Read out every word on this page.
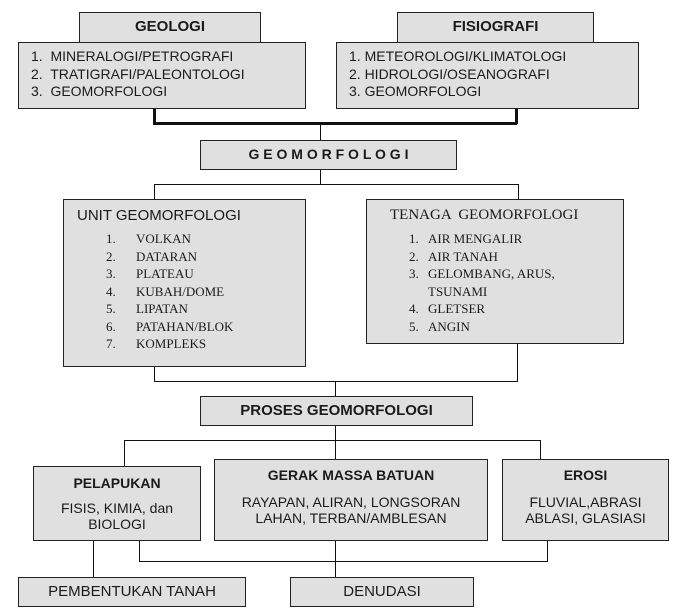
GEOLOGI
1.  MINERALOGI/PETROGRAFI
2.  TRATIGRAFI/PALEONTOLOGI
3.  GEOMORFOLOGI
FISIOGRAFI
1. METEOROLOGI/KLIMATOLOGI
2. HIDROLOGI/OSEANOGRAFI
3. GEOMORFOLOGI
G E O M O R F O L O G I
UNIT GEOMORFOLOGI
1.	VOLKAN
2.	DATARAN
3.	PLATEAU
4.	KUBAH/DOME
5.	LIPATAN
6.	PATAHAN/BLOK
7.	KOMPLEKS
TENAGA  GEOMORFOLOGI
1. AIR MENGALIR
2. AIR TANAH
3. GELOMBANG, ARUS,
TSUNAMI
4. GLETSER
5. ANGIN
PROSES GEOMORFOLOGI
PELAPUKAN
FISIS, KIMIA, dan
BIOLOGI
GERAK MASSA BATUAN
RAYAPAN, ALIRAN, LONGSORAN
LAHAN, TERBAN/AMBLESAN
EROSI
FLUVIAL,ABRASI
ABLASI, GLASIASI
PEMBENTUKAN TANAH	DENUDASI
